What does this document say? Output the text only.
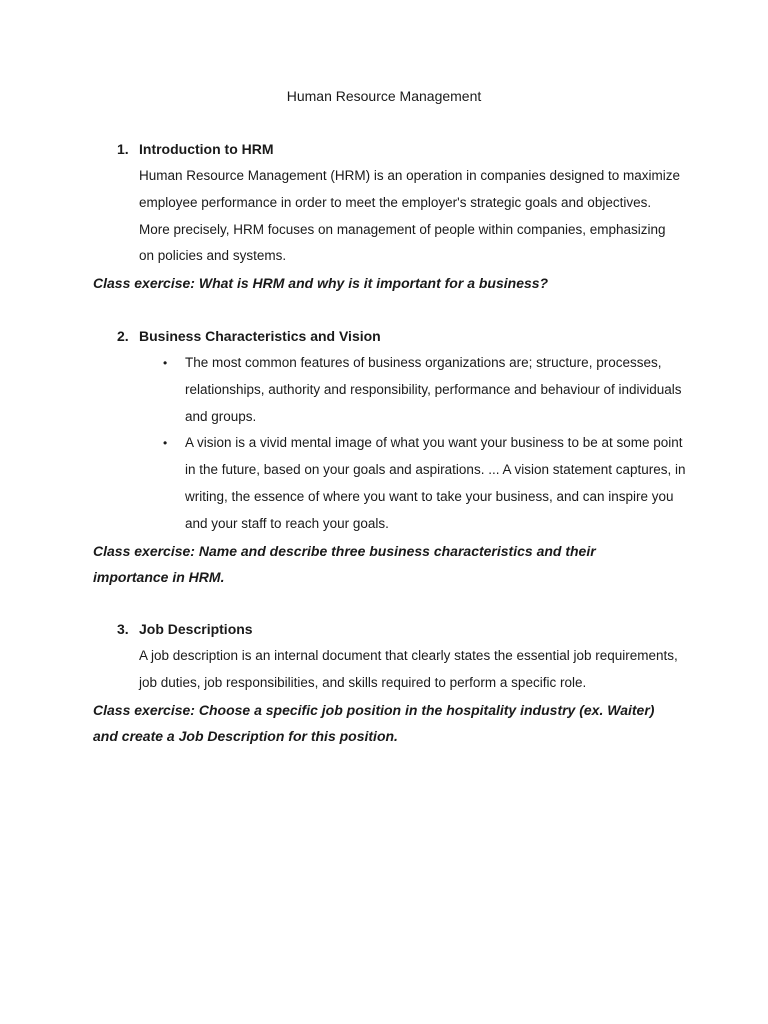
Human Resource Management
1. Introduction to HRM
Human Resource Management (HRM) is an operation in companies designed to maximize employee performance in order to meet the employer's strategic goals and objectives. More precisely, HRM focuses on management of people within companies, emphasizing on policies and systems.
Class exercise: What is HRM and why is it important for a business?
2. Business Characteristics and Vision
• The most common features of business organizations are; structure, processes, relationships, authority and responsibility, performance and behaviour of individuals and groups.
• A vision is a vivid mental image of what you want your business to be at some point in the future, based on your goals and aspirations. ... A vision statement captures, in writing, the essence of where you want to take your business, and can inspire you and your staff to reach your goals.
Class exercise: Name and describe three business characteristics and their importance in HRM.
3. Job Descriptions
A job description is an internal document that clearly states the essential job requirements, job duties, job responsibilities, and skills required to perform a specific role.
Class exercise: Choose a specific job position in the hospitality industry (ex. Waiter) and create a Job Description for this position.
